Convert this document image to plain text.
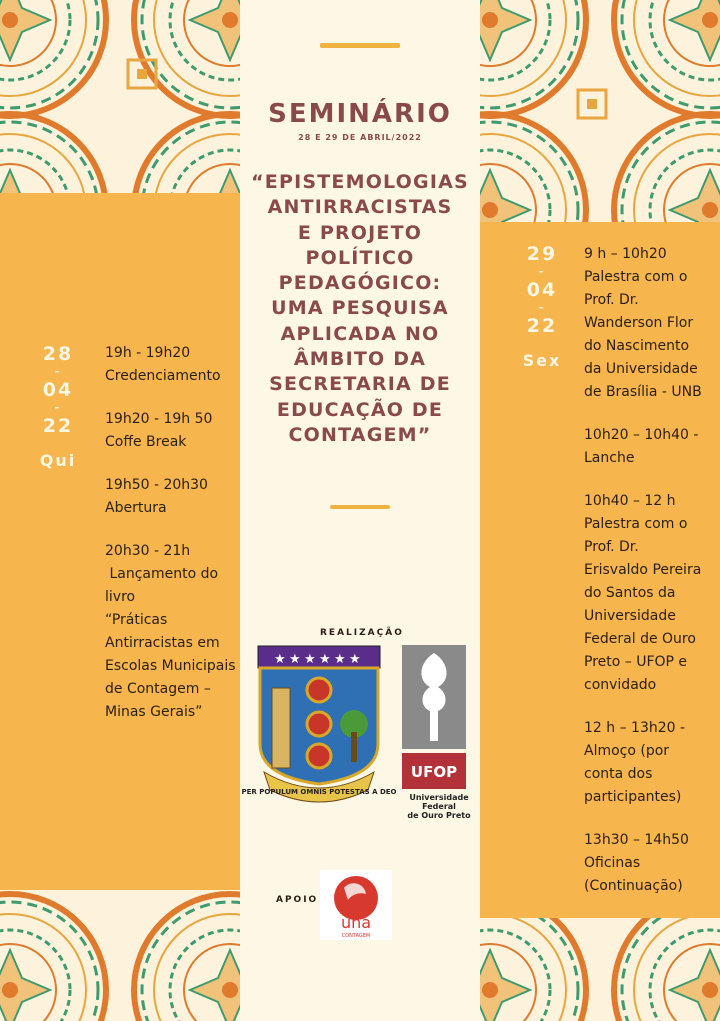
SEMINÁRIO
28 E 29 DE ABRIL/2022
“EPISTEMOLOGIAS
ANTIRRACISTAS
E PROJETO
POLÍTICO
PEDAGÓGICO:
UMA PESQUISA
APLICADA NO
ÂMBITO DA
SECRETARIA DE
EDUCAÇÃO DE
CONTAGEM”
28
-
04
-
22
Qui
19h - 19h20
Credenciamento
19h20 - 19h 50
Coffe Break
19h50 - 20h30
Abertura
20h30 - 21h
Lançamento do
livro
“Práticas
Antirracistas em
Escolas Municipais
de Contagem –
Minas Gerais”
29
-
04
-
22
Sex
9 h – 10h20
Palestra com o
Prof. Dr.
Wanderson Flor
do Nascimento
da Universidade
de Brasília - UNB
10h20 – 10h40 -
Lanche
10h40 – 12 h
Palestra com o
Prof. Dr.
Erisvaldo Pereira
do Santos da
Universidade
Federal de Ouro
Preto – UFOP e
convidado
12 h – 13h20 -
Almoço (por
conta dos
participantes)
13h30 – 14h50
Oficinas
(Continuação)
REALIZAÇÃO
★ ★ ★ ★ ★ ★
PER POPULUM OMNIS POTESTAS A DEO
UFOP
Universidade Federal
de Ouro Preto
APOIO
una
CONTAGEM
